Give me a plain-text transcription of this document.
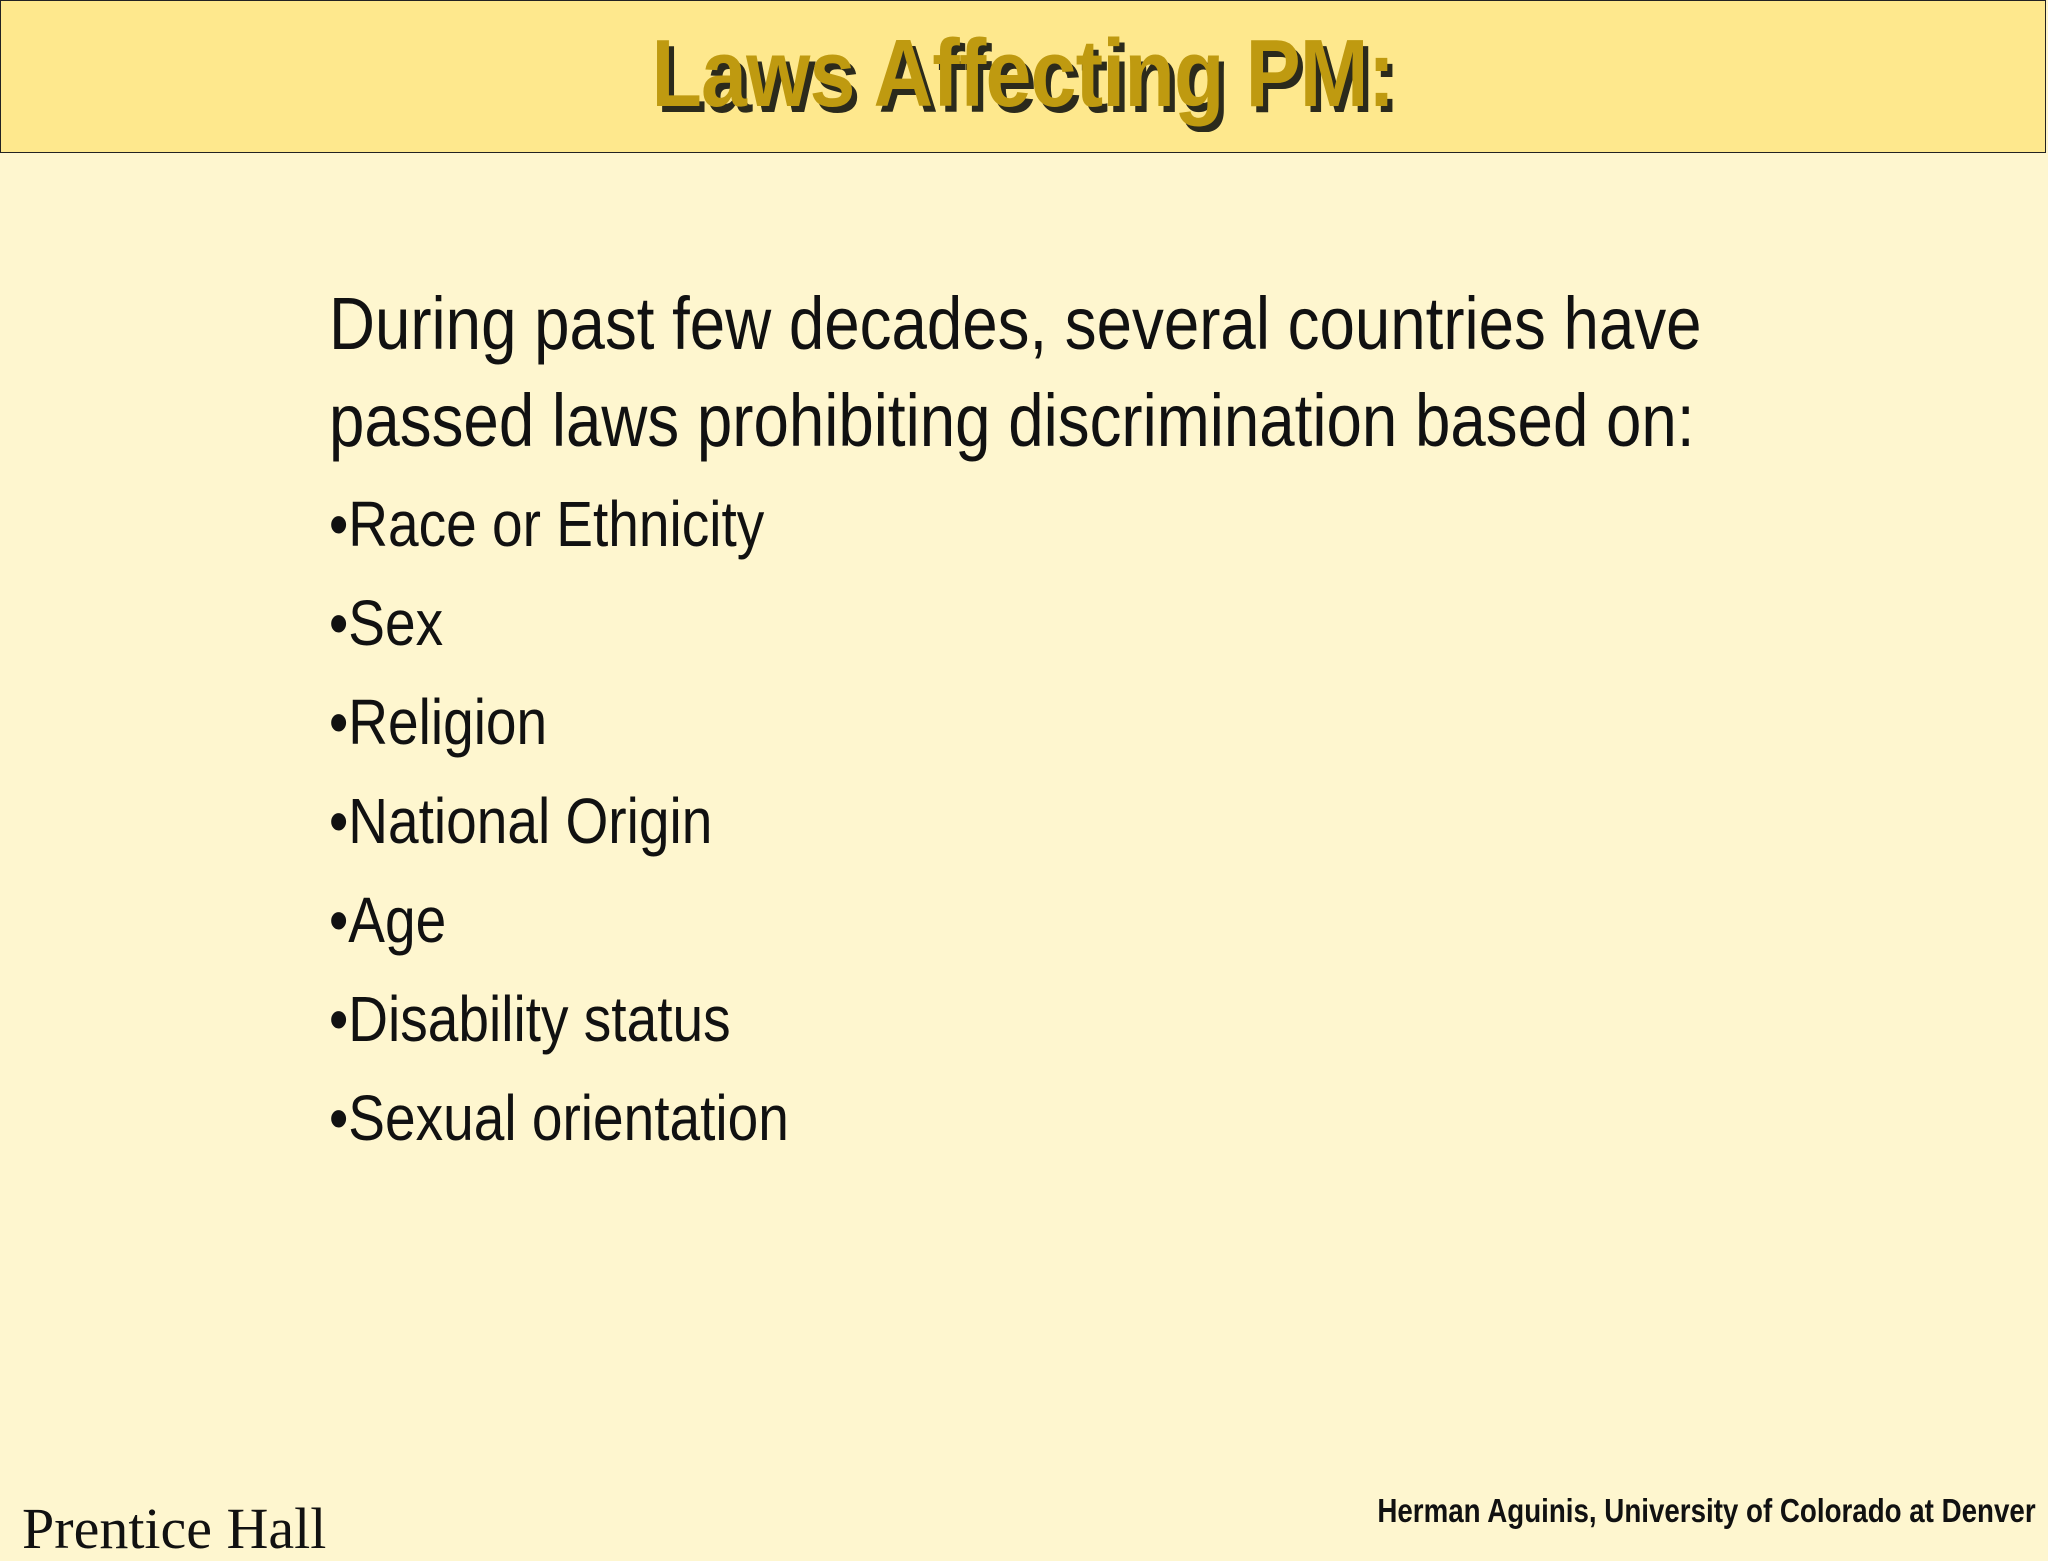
Laws Affecting PM:

During past few decades, several countries have passed laws prohibiting discrimination based on:

•Race or Ethnicity
•Sex
•Religion
•National Origin
•Age
•Disability status
•Sexual orientation
Prentice Hall	Herman Aguinis, University of Colorado at Denver
